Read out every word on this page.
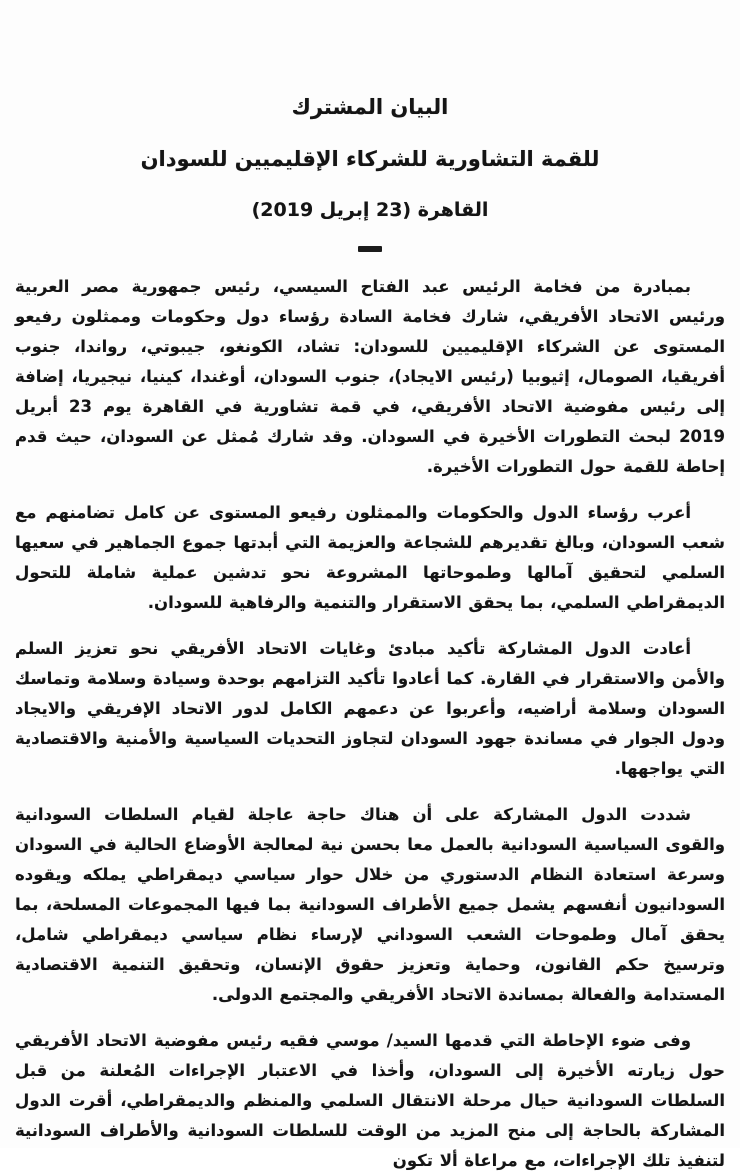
البيان المشترك
للقمة التشاورية للشركاء الإقليميين للسودان
القاهرة (23 إبريل 2019)

بمبادرة من فخامة الرئيس عبد الفتاح السيسي، رئيس جمهورية مصر العربية ورئيس الاتحاد الأفريقي، شارك فخامة السادة رؤساء دول وحكومات وممثلون رفيعو المستوى عن الشركاء الإقليميين للسودان: تشاد، الكونغو، جيبوتي، رواندا، جنوب أفريقيا، الصومال، إثيوبيا (رئيس الايجاد)، جنوب السودان، أوغندا، كينيا، نيجيريا، إضافة إلى رئيس مفوضية الاتحاد الأفريقي، في قمة تشاورية في القاهرة يوم 23 أبريل 2019 لبحث التطورات الأخيرة في السودان. وقد شارك مُمثل عن السودان، حيث قدم إحاطة للقمة حول التطورات الأخيرة.

أعرب رؤساء الدول والحكومات والممثلون رفيعو المستوى عن كامل تضامنهم مع شعب السودان، وبالغ تقديرهم للشجاعة والعزيمة التي أبدتها جموع الجماهير في سعيها السلمي لتحقيق آمالها وطموحاتها المشروعة نحو تدشين عملية شاملة للتحول الديمقراطي السلمي، بما يحقق الاستقرار والتنمية والرفاهية للسودان.

أعادت الدول المشاركة تأكيد مبادئ وغايات الاتحاد الأفريقي نحو تعزيز السلم والأمن والاستقرار في القارة. كما أعادوا تأكيد التزامهم بوحدة وسيادة وسلامة وتماسك السودان وسلامة أراضيه، وأعربوا عن دعمهم الكامل لدور الاتحاد الإفريقي والايجاد ودول الجوار في مساندة جهود السودان لتجاوز التحديات السياسية والأمنية والاقتصادية التي يواجهها.

شددت الدول المشاركة على أن هناك حاجة عاجلة لقيام السلطات السودانية والقوى السياسية السودانية بالعمل معا بحسن نية لمعالجة الأوضاع الحالية في السودان وسرعة استعادة النظام الدستوري من خلال حوار سياسي ديمقراطي يملكه ويقوده السودانيون أنفسهم يشمل جميع الأطراف السودانية بما فيها المجموعات المسلحة، بما يحقق آمال وطموحات الشعب السوداني لإرساء نظام سياسي ديمقراطي شامل، وترسيخ حكم القانون، وحماية وتعزيز حقوق الإنسان، وتحقيق التنمية الاقتصادية المستدامة والفعالة بمساندة الاتحاد الأفريقي والمجتمع الدولى.

وفى ضوء الإحاطة التي قدمها السيد/ موسي فقيه رئيس مفوضية الاتحاد الأفريقي حول زيارته الأخيرة إلى السودان، وأخذا في الاعتبار الإجراءات المُعلنة من قبل السلطات السودانية حيال مرحلة الانتقال السلمي والمنظم والديمقراطي، أقرت الدول المشاركة بالحاجة إلى منح المزيد من الوقت للسلطات السودانية والأطراف السودانية لتنفيذ تلك الإجراءات، مع مراعاة ألا تكون
